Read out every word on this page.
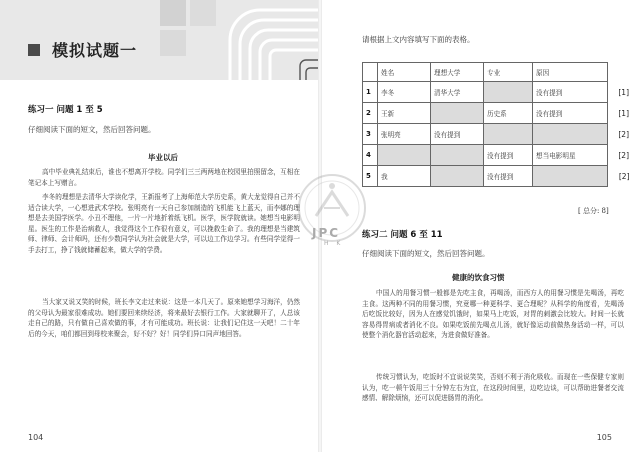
模拟试题一
练习一 问题 1 至 5
仔细阅读下面的短文，然后回答问题。
毕业以后
高中毕业典礼结束后，谁也不想离开学校。同学们三三两两地在校园里拍照留念，互相在笔记本上写赠言。
李冬的理想是去清华大学读化学，王新报考了上海师范大学历史系，黄大龙觉得自己并不适合读大学，一心想进武术学校。张明亮有一天自己参加制造的飞机能飞上蓝天，而李娜的理想是去美国学医学。小丑不理他，一片一片地折着纸飞机。医学，医学院就读。她想当电影明星。医生的工作是治病救人，我觉得这个工作很有意义，可以挽救生命了。我的理想是当建筑师、律师、会计师吗，还有少数同学认为社会就是大学，可以边工作边学习。有些同学觉得一手去打工，挣了钱就储蓄起来，做大学的学费。
当大家又说又笑的时候，班长李文走过来说：这是一本几天了。原来她想学习海洋，仍然的父母认为最家很难成功。她们要回来续经济，将来最好去银行工作。大家就聊开了，人总该走自己的路，只有做自己喜欢做的事，才有可能成功。班长说：让我们记住这一天吧！二十年后的今天，咱们都回到母校来聚会，好不好？好！同学们异口同声地回答。
104
请根据上文内容填写下面的表格。
	姓名	理想大学	专业	原因	
1	李冬	清华大学		没有提到	[1]
2	王新		历史系	没有提到	[1]
3	张明亮	没有提到			[2]
4			没有提到	想当电影明星	[2]
5	我		没有提到		[2]
[ 总分: 8]
练习二 问题 6 至 11
仔细阅读下面的短文，然后回答问题。
健康的饮食习惯
中国人的用餐习惯一般都是先吃主食，再喝汤，而西方人的用餐习惯是先喝汤，再吃主食。这两种不同的用餐习惯，究竟哪一种更科学、更合理呢？从科学的角度看，先喝汤后吃饭比较好，因为人在感觉饥饿时，如果马上吃饭，对胃的刺激会比较大。时间一长就容易得胃病或者消化不良。如果吃饭前先喝点儿汤，就好像运动前做热身活动一样，可以使整个消化器官活动起来，为进食做好准备。
传统习惯认为，吃饭时不宜说说笑笑，否则不利于消化吸收。而现在一些保健专家则认为，吃一顿午饭用三十分钟左右为宜，在这段时间里，边吃边谈，可以帮助进餐者交流感情、解除烦恼，还可以促进肠胃的消化。
105
JPC
H K
